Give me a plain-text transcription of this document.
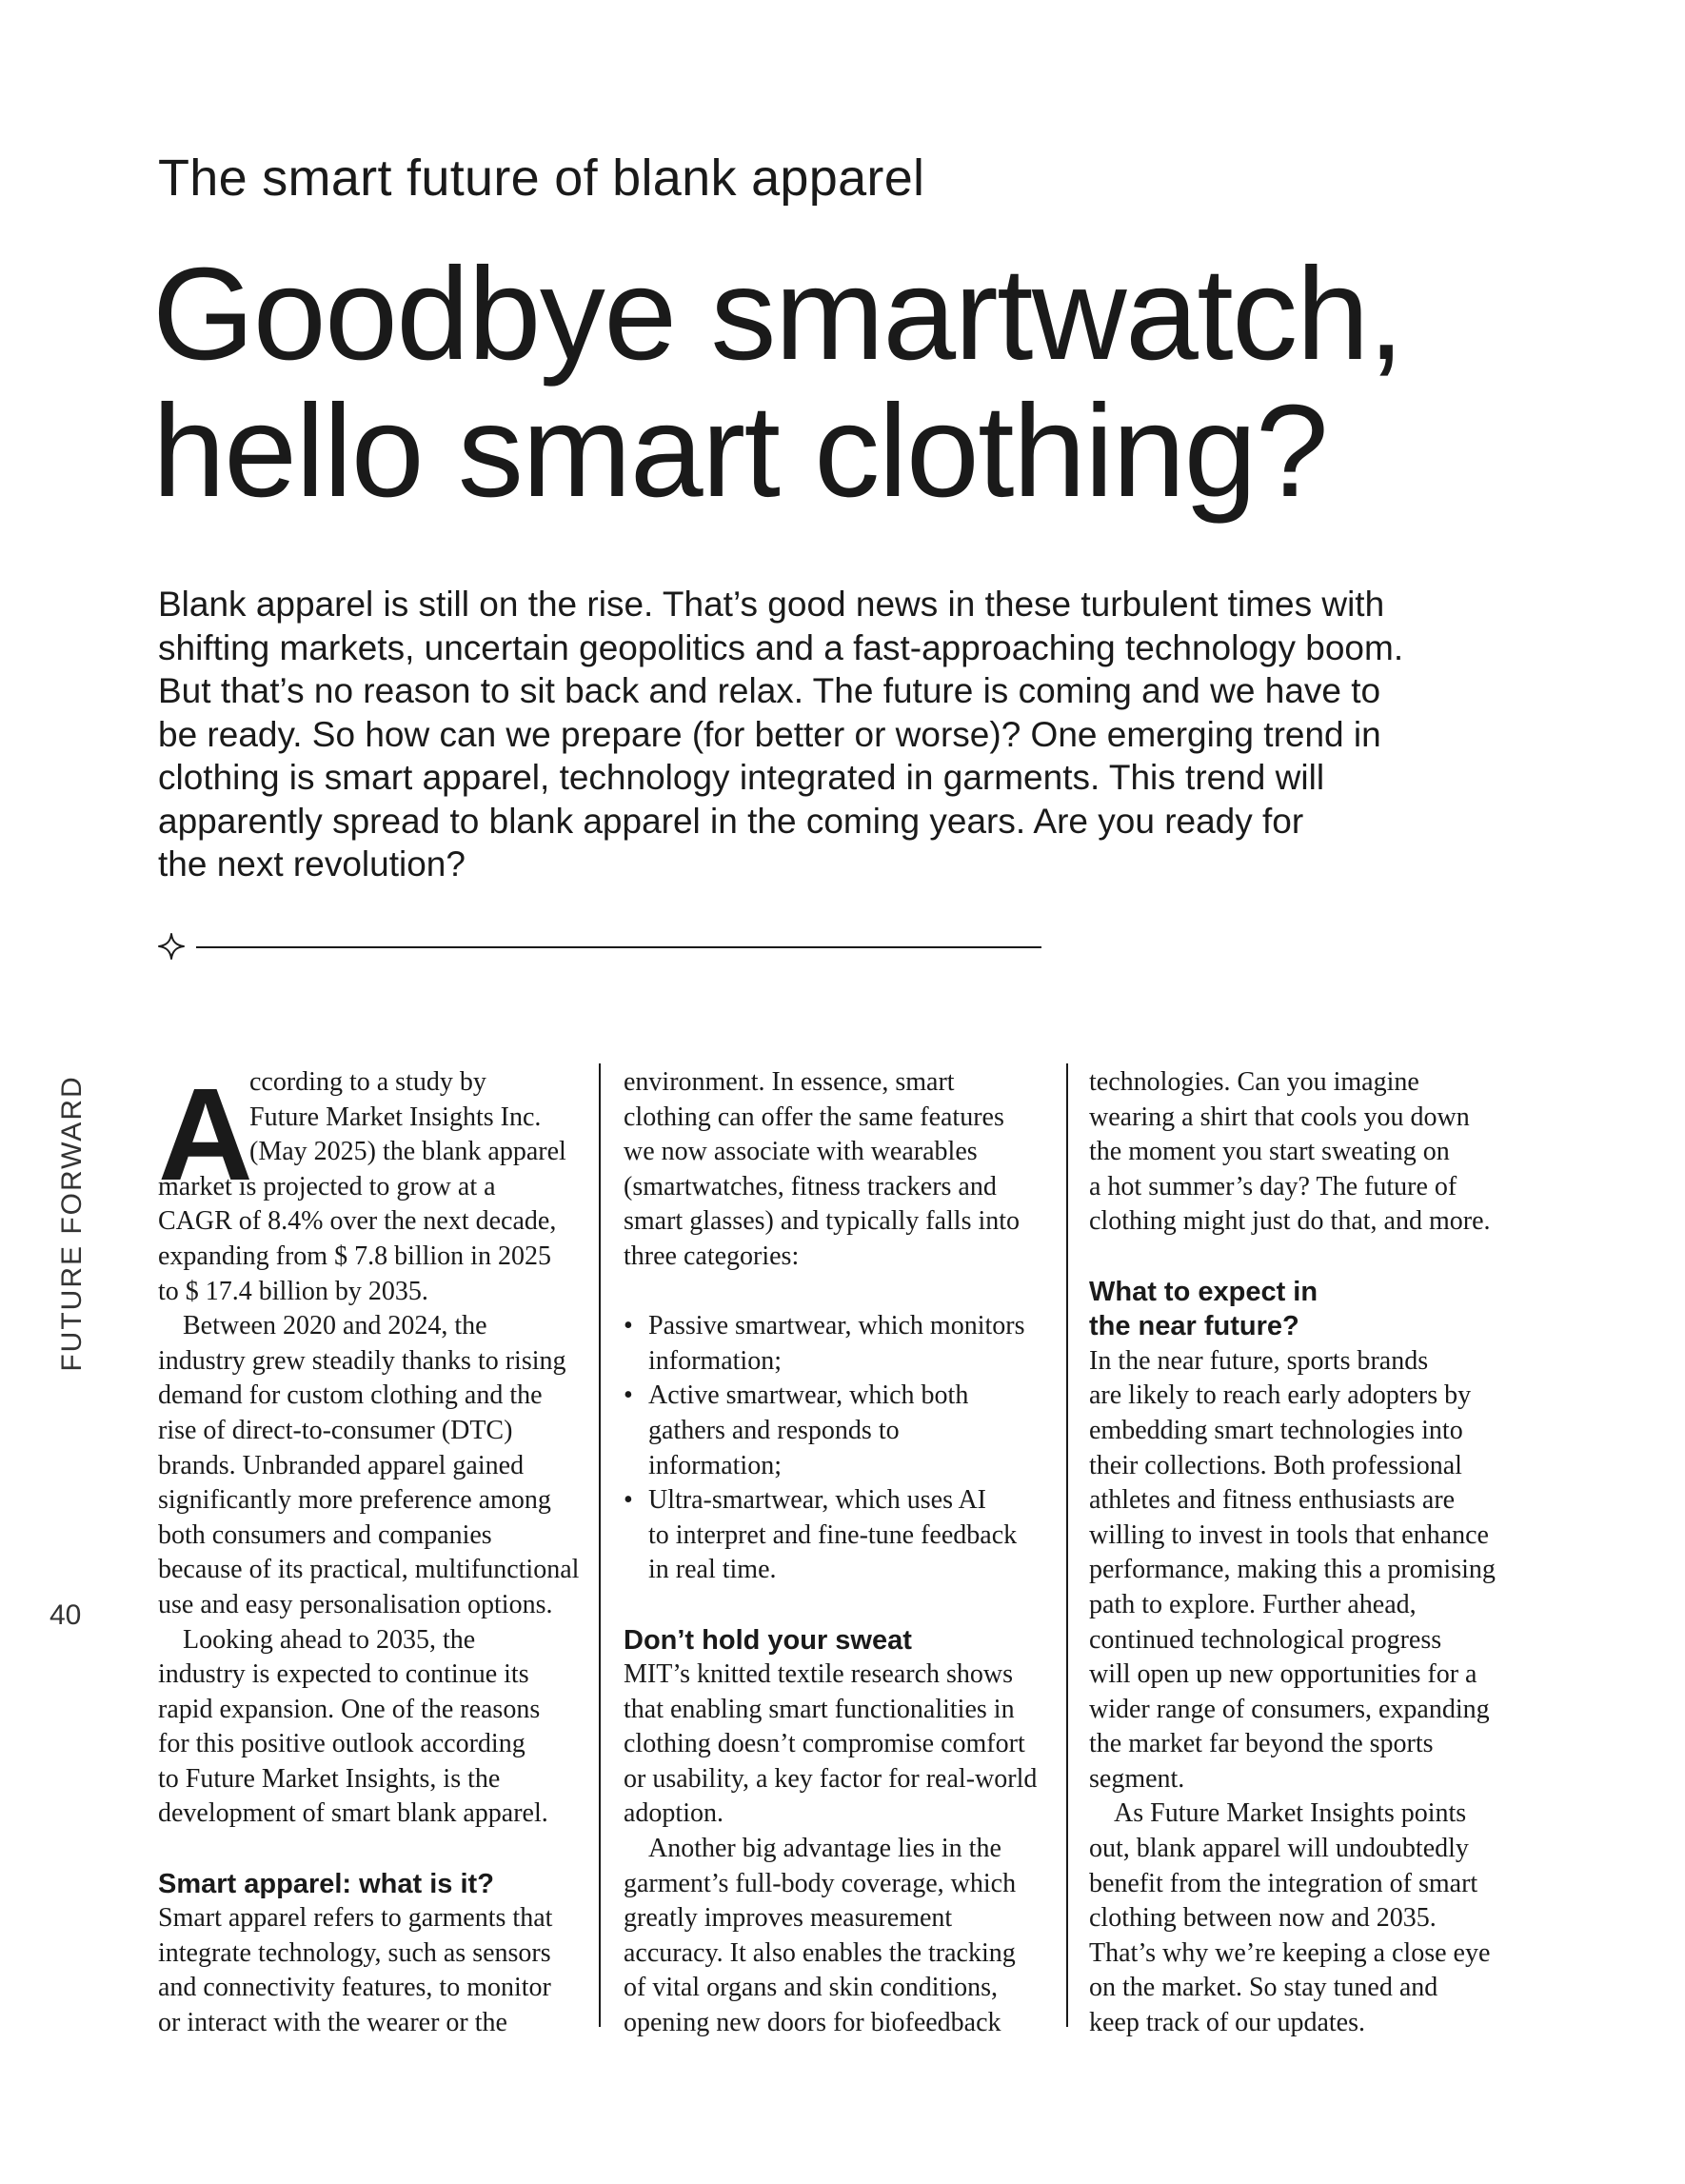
The smart future of blank apparel
Goodbye smartwatch,
hello smart clothing?
Blank apparel is still on the rise. That’s good news in these turbulent times with
shifting markets, uncertain geopolitics and a fast-approaching technology boom.
But that’s no reason to sit back and relax. The future is coming and we have to
be ready. So how can we prepare (for better or worse)? One emerging trend in
clothing is smart apparel, technology integrated in garments. This trend will
apparently spread to blank apparel in the coming years. Are you ready for
the next revolution?
FUTURE FORWARD
40
A
ccording to a study by
Future Market Insights Inc.
(May 2025) the blank apparel
market is projected to grow at a
CAGR of 8.4% over the next decade,
expanding from $ 7.8 billion in 2025
to $ 17.4 billion by 2035.
Between 2020 and 2024, the
industry grew steadily thanks to rising
demand for custom clothing and the
rise of direct-to-consumer (DTC)
brands. Unbranded apparel gained
significantly more preference among
both consumers and companies
because of its practical, multifunctional
use and easy personalisation options.
Looking ahead to 2035, the
industry is expected to continue its
rapid expansion. One of the reasons
for this positive outlook according
to Future Market Insights, is the
development of smart blank apparel.
Smart apparel: what is it?
Smart apparel refers to garments that
integrate technology, such as sensors
and connectivity features, to monitor
or interact with the wearer or the
environment. In essence, smart
clothing can offer the same features
we now associate with wearables
(smartwatches, fitness trackers and
smart glasses) and typically falls into
three categories:
• Passive smartwear, which monitors
information;
• Active smartwear, which both
gathers and responds to
information;
• Ultra-smartwear, which uses AI
to interpret and fine-tune feedback
in real time.
Don’t hold your sweat
MIT’s knitted textile research shows
that enabling smart functionalities in
clothing doesn’t compromise comfort
or usability, a key factor for real-world
adoption.
Another big advantage lies in the
garment’s full-body coverage, which
greatly improves measurement
accuracy. It also enables the tracking
of vital organs and skin conditions,
opening new doors for biofeedback
technologies. Can you imagine
wearing a shirt that cools you down
the moment you start sweating on
a hot summer’s day? The future of
clothing might just do that, and more.
What to expect in
the near future?
In the near future, sports brands
are likely to reach early adopters by
embedding smart technologies into
their collections. Both professional
athletes and fitness enthusiasts are
willing to invest in tools that enhance
performance, making this a promising
path to explore. Further ahead,
continued technological progress
will open up new opportunities for a
wider range of consumers, expanding
the market far beyond the sports
segment.
As Future Market Insights points
out, blank apparel will undoubtedly
benefit from the integration of smart
clothing between now and 2035.
That’s why we’re keeping a close eye
on the market. So stay tuned and
keep track of our updates.
